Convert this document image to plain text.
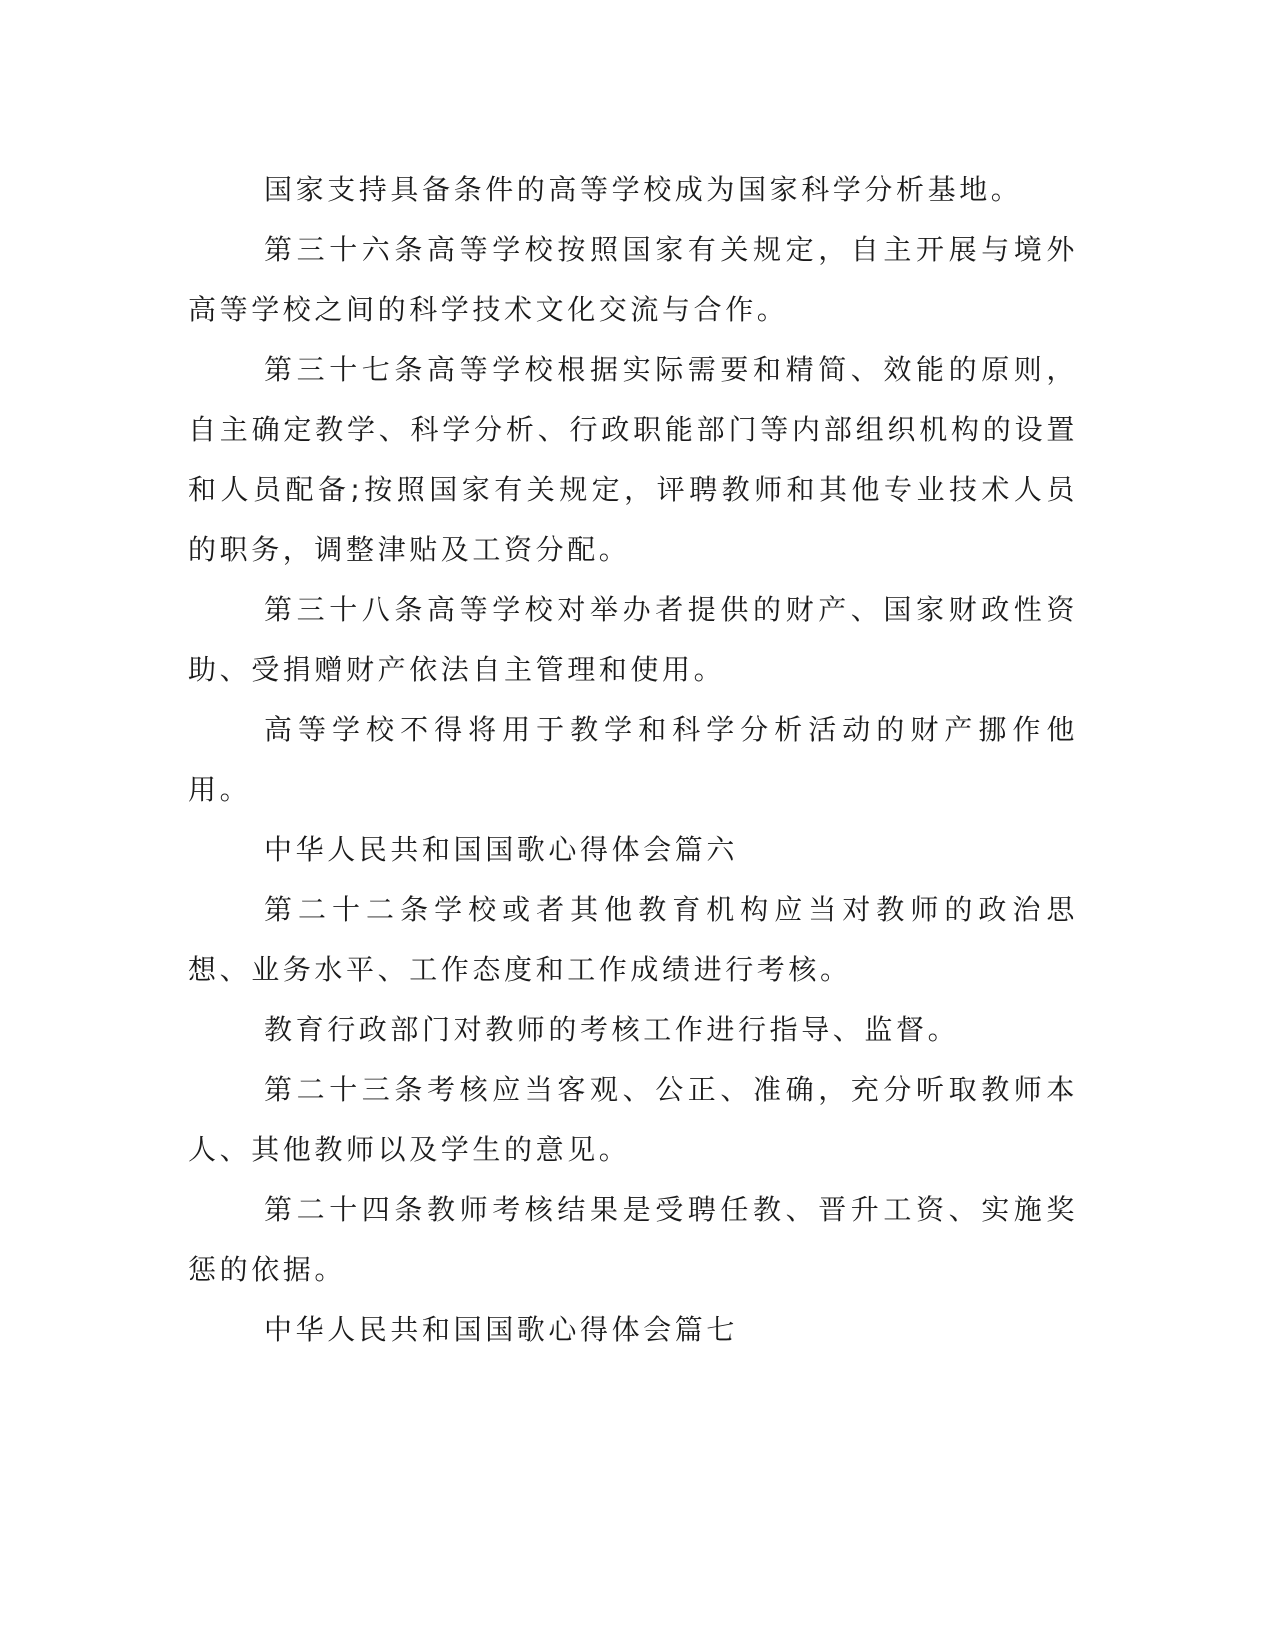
国家支持具备条件的高等学校成为国家科学分析基地。

第三十六条高等学校按照国家有关规定，自主开展与境外高等学校之间的科学技术文化交流与合作。

第三十七条高等学校根据实际需要和精简、效能的原则，自主确定教学、科学分析、行政职能部门等内部组织机构的设置和人员配备;按照国家有关规定，评聘教师和其他专业技术人员的职务，调整津贴及工资分配。

第三十八条高等学校对举办者提供的财产、国家财政性资助、受捐赠财产依法自主管理和使用。

高等学校不得将用于教学和科学分析活动的财产挪作他用。

中华人民共和国国歌心得体会篇六

第二十二条学校或者其他教育机构应当对教师的政治思想、业务水平、工作态度和工作成绩进行考核。

教育行政部门对教师的考核工作进行指导、监督。

第二十三条考核应当客观、公正、准确，充分听取教师本人、其他教师以及学生的意见。

第二十四条教师考核结果是受聘任教、晋升工资、实施奖惩的依据。

中华人民共和国国歌心得体会篇七
